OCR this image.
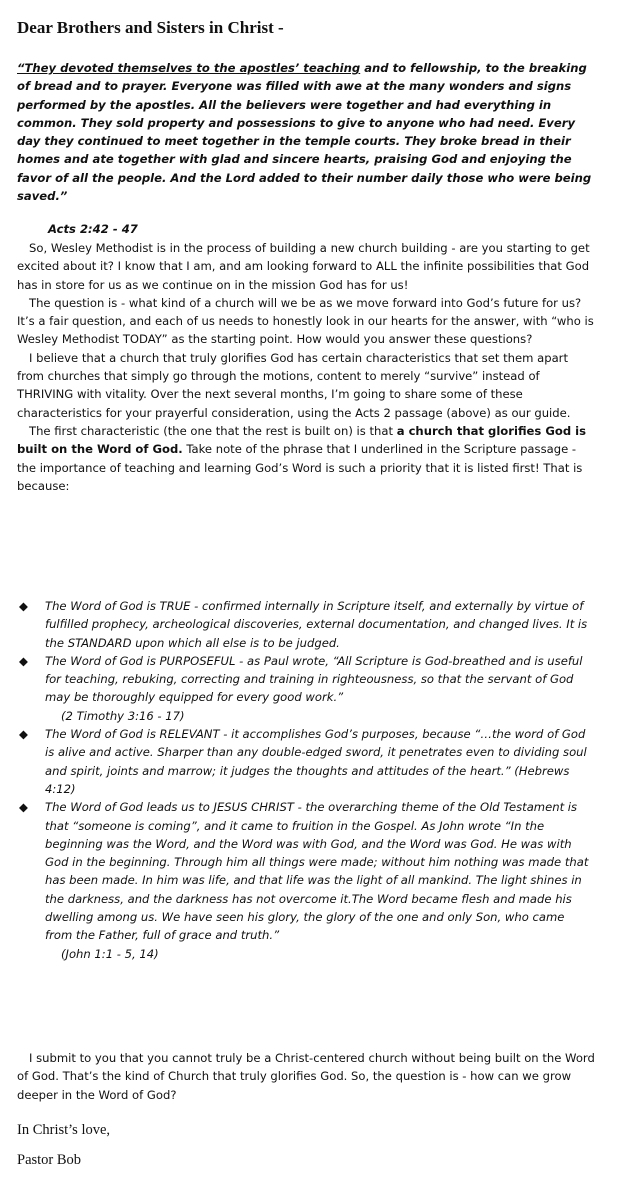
Dear Brothers and Sisters in Christ -
“They devoted themselves to the apostles’ teaching and to fellowship, to the breaking of bread and to prayer. Everyone was filled with awe at the many wonders and signs performed by the apostles. All the believers were together and had everything in common. They sold property and possessions to give to anyone who had need. Every day they continued to meet together in the temple courts. They broke bread in their homes and ate together with glad and sincere hearts, praising God and enjoying the favor of all the people. And the Lord added to their number daily those who were being saved.”
Acts 2:42 - 47

So, Wesley Methodist is in the process of building a new church building - are you starting to get excited about it? I know that I am, and am looking forward to ALL the infinite possibilities that God has in store for us as we continue on in the mission God has for us!

The question is - what kind of a church will we be as we move forward into God’s future for us? It’s a fair question, and each of us needs to honestly look in our hearts for the answer, with “who is Wesley Methodist TODAY” as the starting point. How would you answer these questions?

I believe that a church that truly glorifies God has certain characteristics that set them apart from churches that simply go through the motions, content to merely “survive” instead of THRIVING with vitality. Over the next several months, I’m going to share some of these characteristics for your prayerful consideration, using the Acts 2 passage (above) as our guide.

The first characteristic (the one that the rest is built on) is that a church that glorifies God is built on the Word of God. Take note of the phrase that I underlined in the Scripture passage - the importance of teaching and learning God’s Word is such a priority that it is listed first! That is because:

◆ The Word of God is TRUE - confirmed internally in Scripture itself, and externally by virtue of fulfilled prophecy, archeological discoveries, external documentation, and changed lives. It is the STANDARD upon which all else is to be judged.
◆ The Word of God is PURPOSEFUL - as Paul wrote, “All Scripture is God-breathed and is useful for teaching, rebuking, correcting and training in righteousness, so that the servant of God may be thoroughly equipped for every good work.”
(2 Timothy 3:16 - 17)
◆ The Word of God is RELEVANT - it accomplishes God’s purposes, because “…the word of God is alive and active. Sharper than any double-edged sword, it penetrates even to dividing soul and spirit, joints and marrow; it judges the thoughts and attitudes of the heart.” (Hebrews 4:12)
◆ The Word of God leads us to JESUS CHRIST - the overarching theme of the Old Testament is that “someone is coming”, and it came to fruition in the Gospel. As John wrote “In the beginning was the Word, and the Word was with God, and the Word was God. He was with God in the beginning. Through him all things were made; without him nothing was made that has been made. In him was life, and that life was the light of all mankind. The light shines in the darkness, and the darkness has not overcome it.The Word became flesh and made his dwelling among us. We have seen his glory, the glory of the one and only Son, who came from the Father, full of grace and truth.”
(John 1:1 - 5, 14)

I submit to you that you cannot truly be a Christ-centered church without being built on the Word of God. That’s the kind of Church that truly glorifies God. So, the question is - how can we grow deeper in the Word of God?

In Christ’s love,
Pastor Bob
